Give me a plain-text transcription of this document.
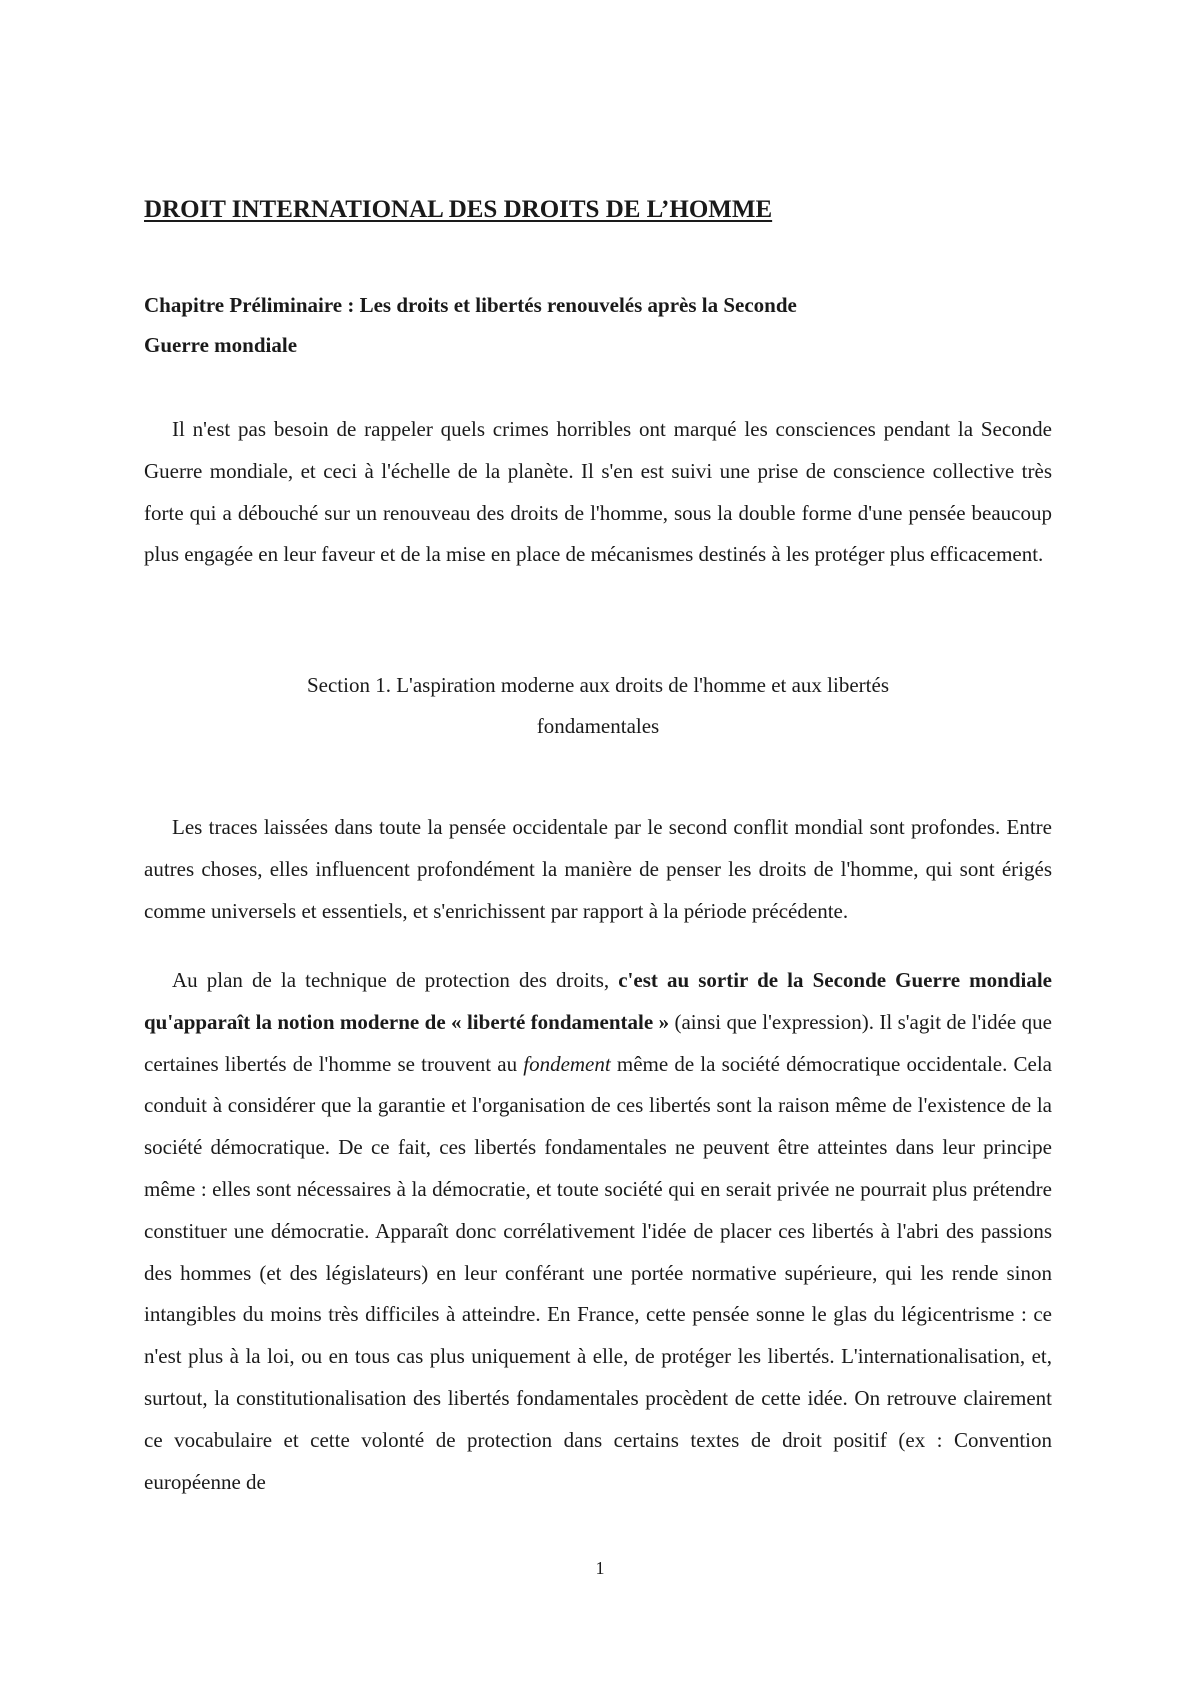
DROIT INTERNATIONAL DES DROITS DE L’HOMME
Chapitre Préliminaire : Les droits et libertés renouvelés après la Seconde
Guerre mondiale

Il n'est pas besoin de rappeler quels crimes horribles ont marqué les consciences pendant la Seconde Guerre mondiale, et ceci à l'échelle de la planète. Il s'en est suivi une prise de conscience collective très forte qui a débouché sur un renouveau des droits de l'homme, sous la double forme d'une pensée beaucoup plus engagée en leur faveur et de la mise en place de mécanismes destinés à les protéger plus efficacement.

Section 1. L'aspiration moderne aux droits de l'homme et aux libertés
fondamentales

Les traces laissées dans toute la pensée occidentale par le second conflit mondial sont profondes. Entre autres choses, elles influencent profondément la manière de penser les droits de l'homme, qui sont érigés comme universels et essentiels, et s'enrichissent par rapport à la période précédente.

Au plan de la technique de protection des droits, c'est au sortir de la Seconde Guerre mondiale qu'apparaît la notion moderne de « liberté fondamentale » (ainsi que l'expression). Il s'agit de l'idée que certaines libertés de l'homme se trouvent au fondement même de la société démocratique occidentale. Cela conduit à considérer que la garantie et l'organisation de ces libertés sont la raison même de l'existence de la société démocratique. De ce fait, ces libertés fondamentales ne peuvent être atteintes dans leur principe même : elles sont nécessaires à la démocratie, et toute société qui en serait privée ne pourrait plus prétendre constituer une démocratie. Apparaît donc corrélativement l'idée de placer ces libertés à l'abri des passions des hommes (et des législateurs) en leur conférant une portée normative supérieure, qui les rende sinon intangibles du moins très difficiles à atteindre. En France, cette pensée sonne le glas du légicentrisme : ce n'est plus à la loi, ou en tous cas plus uniquement à elle, de protéger les libertés. L'internationalisation, et, surtout, la constitutionalisation des libertés fondamentales procèdent de cette idée. On retrouve clairement ce vocabulaire et cette volonté de protection dans certains textes de droit positif (ex : Convention européenne de

1
